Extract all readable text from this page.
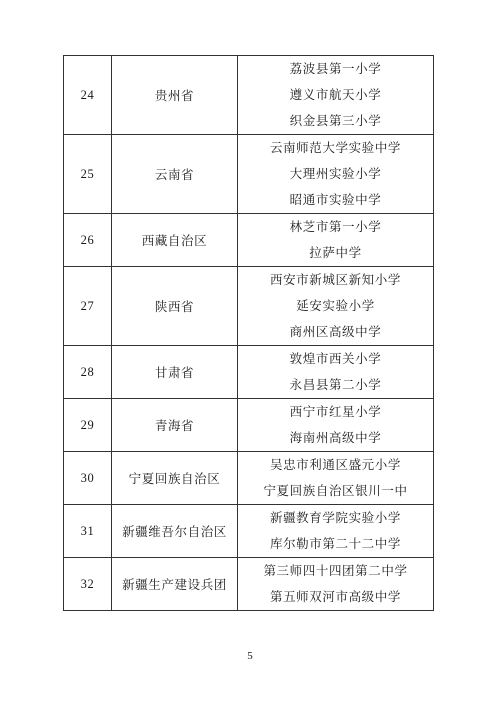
24	贵州省	荔波县第一小学
遵义市航天小学
织金县第三小学

25	云南省	云南师范大学实验中学
大理州实验小学
昭通市实验中学

26	西藏自治区	林芝市第一小学
拉萨中学

27	陕西省	西安市新城区新知小学
延安实验小学
商州区高级中学

28	甘肃省	敦煌市西关小学
永昌县第二小学

29	青海省	西宁市红星小学
海南州高级中学

30	宁夏回族自治区	吴忠市利通区盛元小学
宁夏回族自治区银川一中

31	新疆维吾尔自治区	新疆教育学院实验小学
库尔勒市第二十二中学

32	新疆生产建设兵团	第三师四十四团第二中学
第五师双河市高级中学
5
